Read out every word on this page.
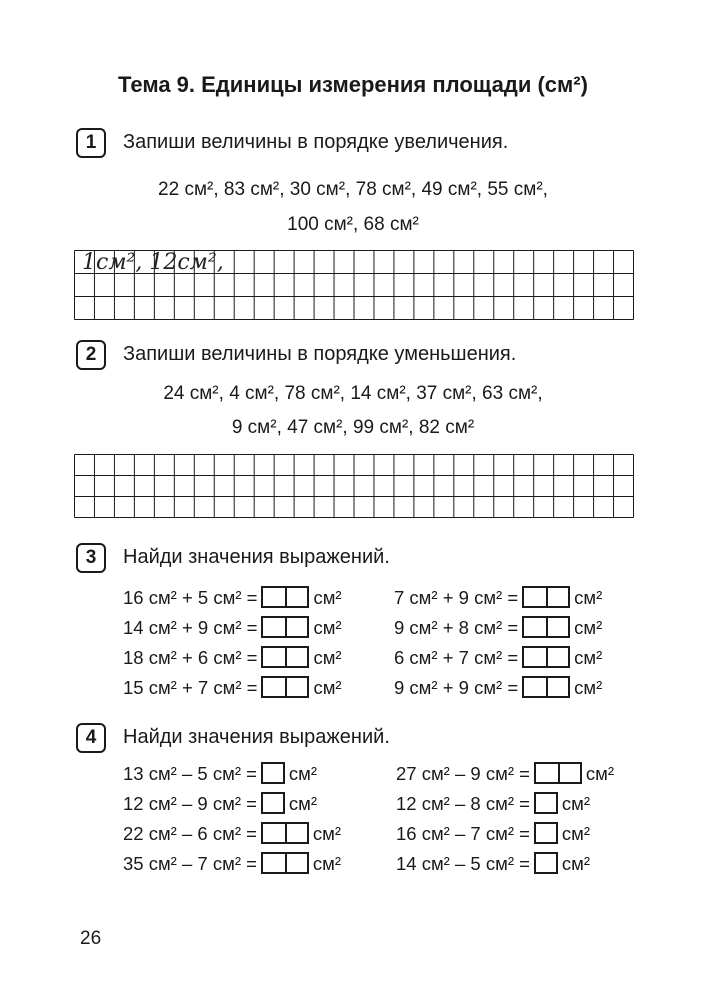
Тема 9. Единицы измерения площади (см²)
1	Запиши величины в порядке увеличения.
22 см², 83 см², 30 см², 78 см², 49 см², 55 см²,
100 см², 68 см²
1см², 12см²,
2	Запиши величины в порядке уменьшения.
24 см², 4 см², 78 см², 14 см², 37 см², 63 см²,
9 см², 47 см², 99 см², 82 см²
3	Найди значения выражений.
16 см² + 5 см² =	см²
14 см² + 9 см² =	см²
18 см² + 6 см² =	см²
15 см² + 7 см² =	см²
7 см² + 9 см² =	см²
9 см² + 8 см² =	см²
6 см² + 7 см² =	см²
9 см² + 9 см² =	см²
4	Найди значения выражений.
13 см² – 5 см² = см²
12 см² – 9 см² = см²
22 см² – 6 см² =	см²
35 см² – 7 см² =	см²
27 см² – 9 см² =	см²
12 см² – 8 см² = см²
16 см² – 7 см² = см²
14 см² – 5 см² = см²
26
